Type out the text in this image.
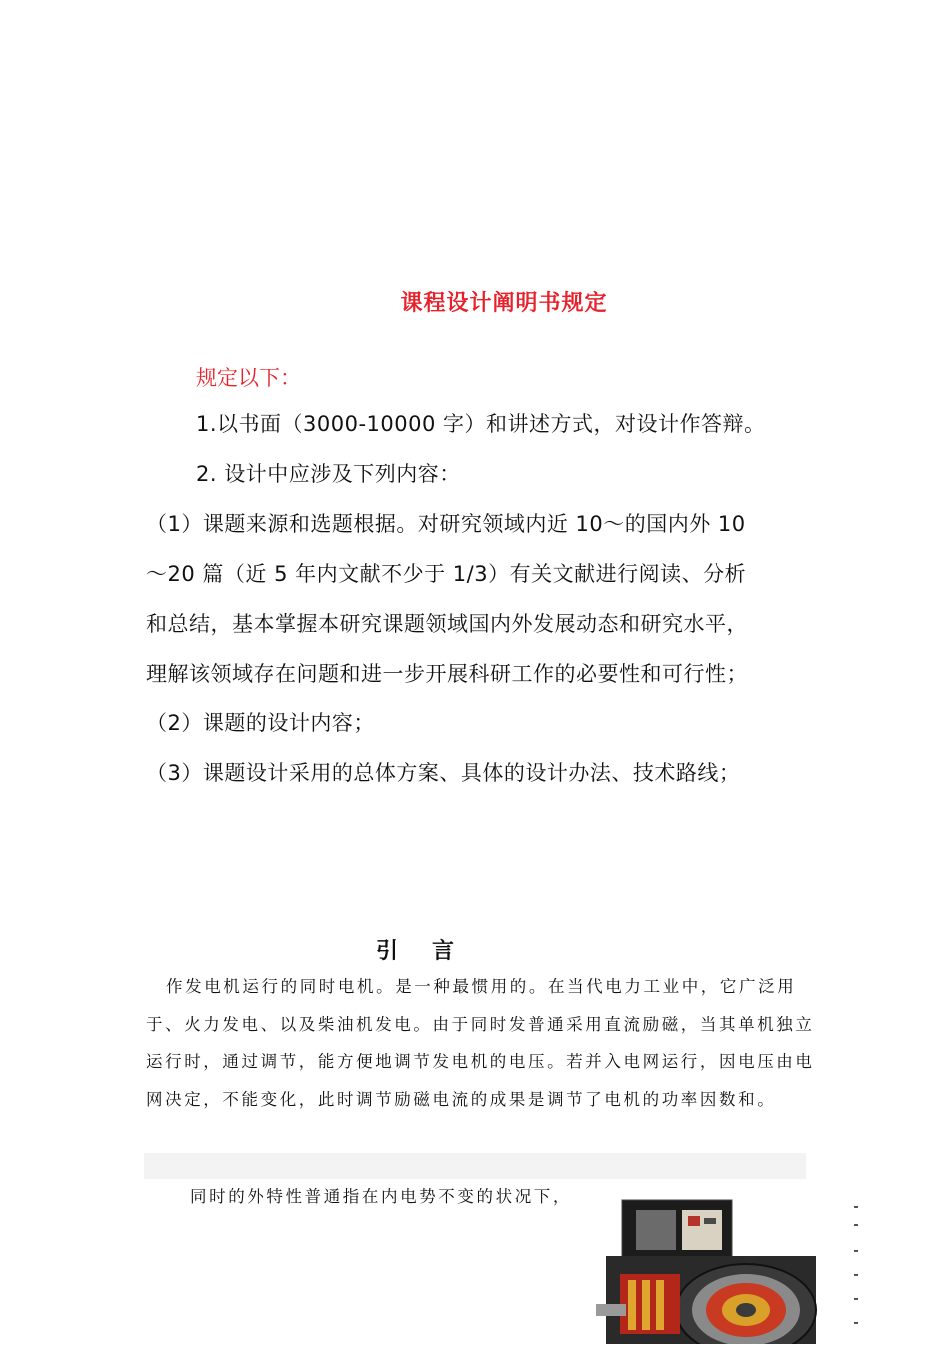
课程设计阐明书规定
规定以下：
1.以书面（3000-10000 字）和讲述方式，对设计作答辩。
2. 设计中应涉及下列内容：
（1）课题来源和选题根据。对研究领域内近 10～的国内外 10
～20 篇（近 5 年内文献不少于 1/3）有关文献进行阅读、分析
和总结，基本掌握本研究课题领域国内外发展动态和研究水平，
理解该领域存在问题和进一步开展科研工作的必要性和可行性；
（2）课题的设计内容；
（3）课题设计采用的总体方案、具体的设计办法、技术路线；
引言
作发电机运行的同时电机。是一种最惯用的。在当代电力工业中，它广泛用于、火力发电、以及柴油机发电。由于同时发普通采用直流励磁，当其单机独立运行时，通过调节，能方便地调节发电机的电压。若并入电网运行，因电压由电网决定，不能变化，此时调节励磁电流的成果是调节了电机的功率因数和。
同时的外特性普通指在内电势不变的状况下，
